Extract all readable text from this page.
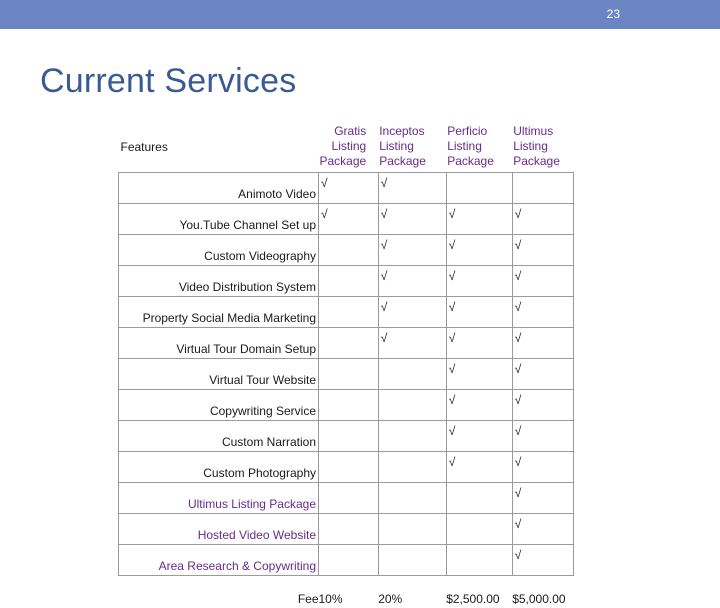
23
Current Services
Features	Gratis Listing Package	Inceptos Listing Package	Perficio Listing Package	Ultimus Listing Package
Animoto Video	√	√		
You.Tube Channel Set up	√	√	√	√
Custom Videography		√	√	√
Video Distribution System		√	√	√
Property Social Media Marketing		√	√	√
Virtual Tour Domain Setup		√	√	√
Virtual Tour Website			√	√
Copywriting Service			√	√
Custom Narration			√	√
Custom Photography			√	√
Ultimus Listing Package				√
Hosted Video Website				√
Area Research & Copywriting				√
Fee	10%	20%	$2,500.00	$5,000.00
